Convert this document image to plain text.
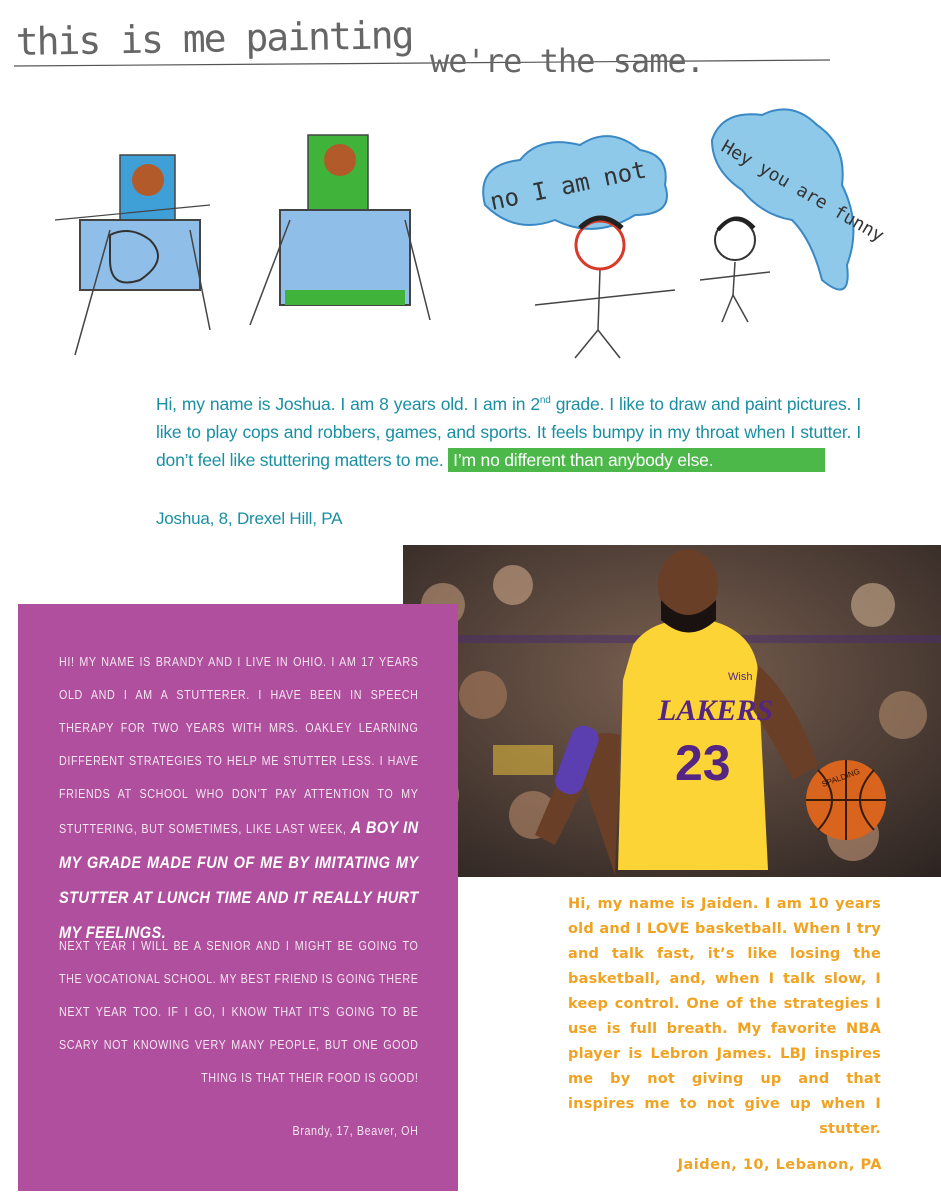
this is me painting we're the same.
no I am not	Hey you are funny
Hi, my name is Joshua. I am 8 years old. I am in 2nd grade. I like to draw and paint pictures. I like to play cops and robbers, games, and sports. It feels bumpy in my throat when I stutter. I don’t feel like stuttering matters to me. I’m no different than anybody else.
Joshua, 8, Drexel Hill, PA
LAKERS
23
Wish
SPALDING
HI! MY NAME IS BRANDY AND I LIVE IN OHIO. I AM 17 YEARS OLD AND I AM A STUTTERER. I HAVE BEEN IN SPEECH THERAPY FOR TWO YEARS WITH MRS. OAKLEY LEARNING DIFFERENT STRATEGIES TO HELP ME STUTTER LESS. I HAVE FRIENDS AT SCHOOL WHO DON’T PAY ATTENTION TO MY STUTTERING, BUT SOMETIMES, LIKE LAST WEEK, A BOY IN MY GRADE MADE FUN OF ME BY IMITATING MY STUTTER AT LUNCH TIME AND IT REALLY HURT MY FEELINGS.
NEXT YEAR I WILL BE A SENIOR AND I MIGHT BE GOING TO THE VOCATIONAL SCHOOL. MY BEST FRIEND IS GOING THERE NEXT YEAR TOO. IF I GO, I KNOW THAT IT’S GOING TO BE SCARY NOT KNOWING VERY MANY PEOPLE, BUT ONE GOOD THING IS THAT THEIR FOOD IS GOOD!
Brandy, 17, Beaver, OH
Hi, my name is Jaiden. I am 10 years old and I LOVE basketball. When I try and talk fast, it’s like losing the basketball, and, when I talk slow, I keep control. One of the strategies I use is full breath. My favorite NBA player is Lebron James. LBJ inspires me by not giving up and that inspires me to not give up when I stutter.
Jaiden, 10, Lebanon, PA
